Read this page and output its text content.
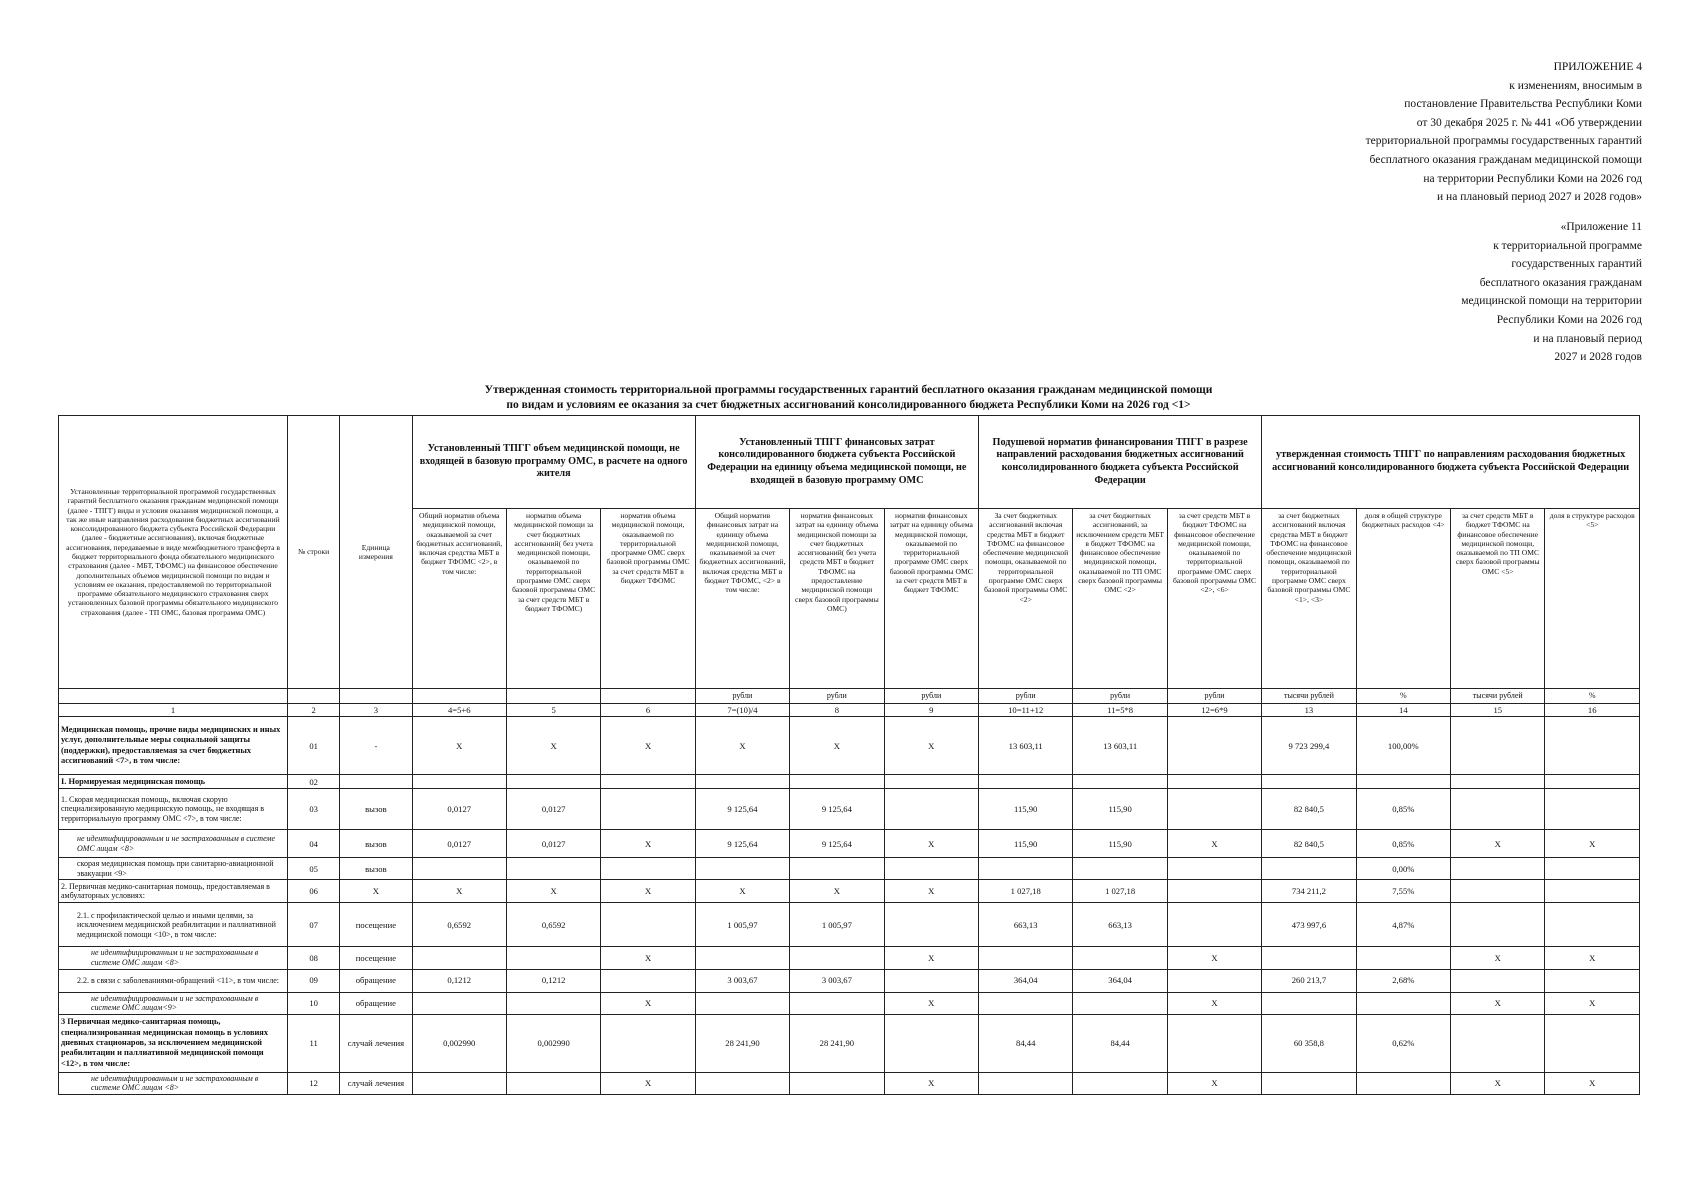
ПРИЛОЖЕНИЕ 4
к изменениям, вносимым в
постановление Правительства Республики Коми
от 30 декабря 2025 г. № 441 «Об утверждении
территориальной программы государственных гарантий
бесплатного оказания гражданам медицинской помощи
на территории Республики Коми на 2026 год
и на плановый период 2027 и 2028 годов»
«Приложение 11
к территориальной программе
государственных гарантий
бесплатного оказания гражданам
медицинской помощи на территории
Республики Коми на 2026 год
и на плановый период
2027 и 2028 годов
Утвержденная стоимость территориальной программы государственных гарантий бесплатного оказания гражданам медицинской помощи
по видам и условиям ее оказания за счет бюджетных ассигнований консолидированного бюджета Республики Коми на 2026 год <1>
Установленные территориальной программой государственных гарантий бесплатного оказания гражданам медицинской помощи (далее - ТПГГ) виды и условия оказания медицинской помощи, а так же иные направления расходования бюджетных ассигнований консолидированного бюджета субъекта Российской Федерации (далее - бюджетные ассигнования), включая бюджетные ассигнования, передаваемые в виде межбюджетного трансферта в бюджет территориального фонда обязательного медицинского страхования (далее - МБТ, ТФОМС) на финансовое обеспечение дополнительных объемов медицинской помощи по видам и условиям ее оказания, предоставляемой по территориальной программе обязательного медицинского страхования сверх установленных базовой программы обязательного медицинского страхования (далее - ТП ОМС, базовая программа ОМС)	№ строки	Единица измерения	Установленный ТПГГ объем медицинской помощи, не входящей в базовую программу ОМС, в расчете на одного жителя			Установленный ТПГГ финансовых затрат консолидированного бюджета субъекта Российской Федерации на единицу объема медицинской помощи, не входящей в базовую программу ОМС			Подушевой норматив финансирования ТПГГ в разрезе направлений расходования бюджетных ассигнований консолидированного бюджета субъекта Российской Федерации			утвержденная стоимость ТПГГ по направлениям расходования бюджетных ассигнований консолидированного бюджета субъекта Российской Федерации			
			Общий норматив объема медицинской помощи, оказываемой за счет бюджетных ассигнований, включая средства МБТ в бюджет ТФОМС <2>, в том числе:	норматив объема медицинской помощи за счет бюджетных ассигнований( без учета медицинской помощи, оказываемой по территориальной программе ОМС сверх базовой программы ОМС за счет средств МБТ в бюджет ТФОМС)	норматив объема медицинской помощи, оказываемой по территориальной программе ОМС сверх базовой программы ОМС за счет средств МБТ в бюджет ТФОМС	Общий норматив финансовых затрат на единицу объема медицинской помощи, оказываемой за счет бюджетных ассигнований, включая средства МБТ в бюджет ТФОМС, <2> в том числе:	норматив финансовых затрат на единицу объема медицинской помощи за счет бюджетных ассигнований( без учета средств МБТ в бюджет ТФОМС на предоставление медицинской помощи сверх базовой программы ОМС)	норматив финансовых затрат на единицу объема медицинской помощи, оказываемой по территориальной программе ОМС сверх базовой программы ОМС за счет средств МБТ в бюджет ТФОМС	За счет бюджетных ассигнований включая средства МБТ в бюджет ТФОМС на финансовое обеспечение медицинской помощи, оказываемой по территориальной программе ОМС сверх базовой программы ОМС <2>	за счет бюджетных ассигнований, за исключением средств МБТ в бюджет ТФОМС на финансовое обеспечение медицинской помощи, оказываемой по ТП ОМС сверх базовой программы ОМС <2>	за счет средств МБТ в бюджет ТФОМС на финансовое обеспечение медицинской помощи, оказываемой по территориальной программе ОМС сверх базовой программы ОМС <2>, <6>	за счет бюджетных ассигнований включая средства МБТ в бюджет ТФОМС на финансовое обеспечение медицинской помощи, оказываемой по территориальной программе ОМС сверх базовой программы ОМС <1>, <3>	доля в общей структуре бюджетных расходов <4>	за счет средств МБТ в бюджет ТФОМС на финансовое обеспечение медицинской помощи, оказываемой по ТП ОМС сверх базовой программы ОМС <5>	доля в структуре расходов <5>
						рубли	рубли	рубли	рубли	рубли	рубли	тысячи рублей	%	тысячи рублей	%
1	2	3	4=5+6	5	6	7=(10)/4	8	9	10=11+12	11=5*8	12=6*9	13	14	15	16
Медицинская помощь, прочие виды медицинских и иных услуг, дополнительные меры социальной защиты (поддержки), предоставляемая за счет бюджетных ассигнований <7>, в том числе:	01	-	X	X	X	X	X	X	13 603,11	13 603,11		9 723 299,4	100,00%		
I. Нормируемая медицинская помощь	02														
1. Скорая медицинская помощь, включая скорую специализированную медицинскую помощь, не входящая в территориальную программу ОМС <7>, в том числе:	03	вызов	0,0127	0,0127		9 125,64	9 125,64		115,90	115,90		82 840,5	0,85%		
не идентифицированным и не застрахованным в системе ОМС лицам <8>	04	вызов	0,0127	0,0127	X	9 125,64	9 125,64	X	115,90	115,90	X	82 840,5	0,85%	X	X
скорая медицинская помощь при санитарно-авиационной эвакуации <9>	05	вызов											0,00%		
2. Первичная медико-санитарная помощь, предоставляемая в амбулаторных условиях:	06	X	X	X	X	X	X	X	1 027,18	1 027,18		734 211,2	7,55%		
2.1. с профилактической целью и иными целями, за исключением медицинской реабилитации и паллиативной медицинской помощи <10>, в том числе:	07	посещение	0,6592	0,6592		1 005,97	1 005,97		663,13	663,13		473 997,6	4,87%		
не идентифицированным и не застрахованным в системе ОМС лицам <8>	08	посещение			X			X			X			X	X
2.2. в связи с заболеваниями-обращений <11>, в том числе:	09	обращение	0,1212	0,1212		3 003,67	3 003,67		364,04	364,04		260 213,7	2,68%		
не идентифицированным и не застрахованным в системе ОМС лицам<9>	10	обращение			X			X			X			X	X
3 Первичная медико-санитарная помощь, специализированная медицинская помощь в условиях дневных стационаров, за исключением медицинской реабилитации и паллиативной медицинской помощи <12>, в том числе:	11	случай лечения	0,002990	0,002990		28 241,90	28 241,90		84,44	84,44		60 358,8	0,62%		
не идентифицированным и не застрахованным в системе ОМС лицам <8>	12	случай лечения			X			X			X			X	X
